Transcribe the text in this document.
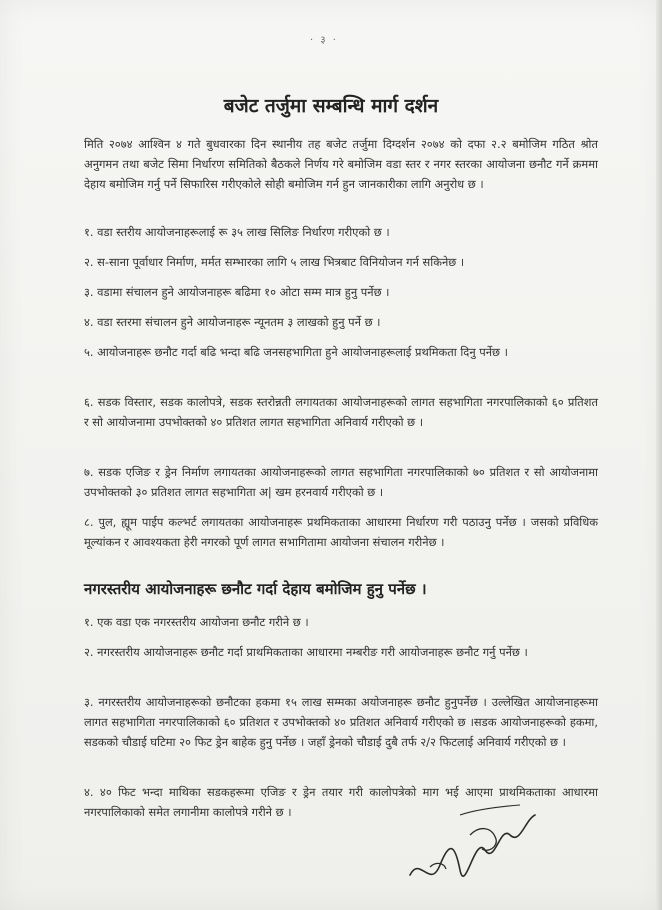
· ३ ·
बजेट तर्जुमा सम्बन्धि मार्ग दर्शन

मिति २०७४ आश्विन ४ गते बुधवारका दिन स्थानीय तह बजेट तर्जुमा दिग्दर्शन २०७४ को दफा २.२ बमोजिम गठित श्रोत अनुगमन तथा बजेट सिमा निर्धारण समितिको बैठकले निर्णय गरे बमोजिम वडा स्तर र नगर स्तरका आयोजना छनौट गर्ने क्रममा देहाय बमोजिम गर्नु पर्ने सिफारिस गरीएकोले सोही बमोजिम गर्न हुन जानकारीका लागि अनुरोध छ ।

१. वडा स्तरीय आयोजनाहरूलाई रू ३५ लाख सिलिङ निर्धारण गरीएको छ ।

२. स-साना पूर्वाधार निर्माण, मर्मत सम्भारका लागि ५ लाख भित्रबाट विनियोजन गर्न सकिनेछ ।

३. वडामा संचालन हुने आयोजनाहरू बढिमा १० ओटा सम्म मात्र हुनु पर्नेछ ।

४. वडा स्तरमा संचालन हुने आयोजनाहरू न्यूनतम ३ लाखको हुनु पर्ने छ ।

५. आयोजनाहरू छनौट गर्दा बढि भन्दा बढि जनसहभागिता हुने आयोजनाहरूलाई प्रथमिकता दिनु पर्नेछ ।

६. सडक विस्तार, सडक कालोपत्रे, सडक स्तरोन्नती लगायतका आयोजनाहरूको लागत सहभागिता नगरपालिकाको ६० प्रतिशत र सो आयोजनामा उपभोक्तको ४० प्रतिशत लागत सहभागिता अनिवार्य गरीएको छ ।

७. सडक एजिङ र ड्रेन निर्माण लगायतका आयोजनाहरूको लागत सहभागिता नगरपालिकाको ७० प्रतिशत र सो आयोजनामा उपभोक्तको ३० प्रतिशत लागत सहभागिता अ| खम हरनवार्य गरीएको छ ।

८. पुल, ह्यूम पाईप कल्भर्ट लगायतका आयोजनाहरू प्रथमिकताका आधारमा निर्धारण गरी पठाउनु पर्नेछ । जसको प्रविधिक मूल्यांकन र आवश्यकता हेरी नगरको पूर्ण लागत सभागितामा आयोजना संचालन गरीनेछ ।

नगरस्तरीय आयोजनाहरू छनौट गर्दा देहाय बमोजिम हुनु पर्नेछ ।

१. एक वडा एक नगरस्तरीय आयोजना छनौट गरीने छ ।

२. नगरस्तरीय आयोजनाहरू छनौट गर्दा प्राथमिकताका आधारमा नम्बरीङ गरी आयोजनाहरू छनौट गर्नु पर्नेछ ।

३. नगरस्तरीय आयोजनाहरूको छनौटका हकमा १५ लाख सम्मका अयोजनाहरू छनौट हुनुपर्नेछ । उल्लेखित आयोजनाहरूमा लागत सहभागिता नगरपालिकाको ६० प्रतिशत र उपभोक्तको ४० प्रतिशत अनिवार्य गरीएको छ ।सडक आयोजनाहरूको हकमा, सडकको चौडाई घटिमा २० फिट ड्रेन बाहेक हुनु पर्नेछ । जहाँ ड्रेनको चौडाई दुबै तर्फ २/२ फिटलाई अनिवार्य गरीएको छ ।

४. ४० फिट भन्दा माथिका सडकहरूमा एजिङ र ड्रेन तयार गरी कालोपत्रेको माग भई आएमा प्राथमिकताका आधारमा नगरपालिकाको समेत लगानीमा कालोपत्रे गरीने छ ।
